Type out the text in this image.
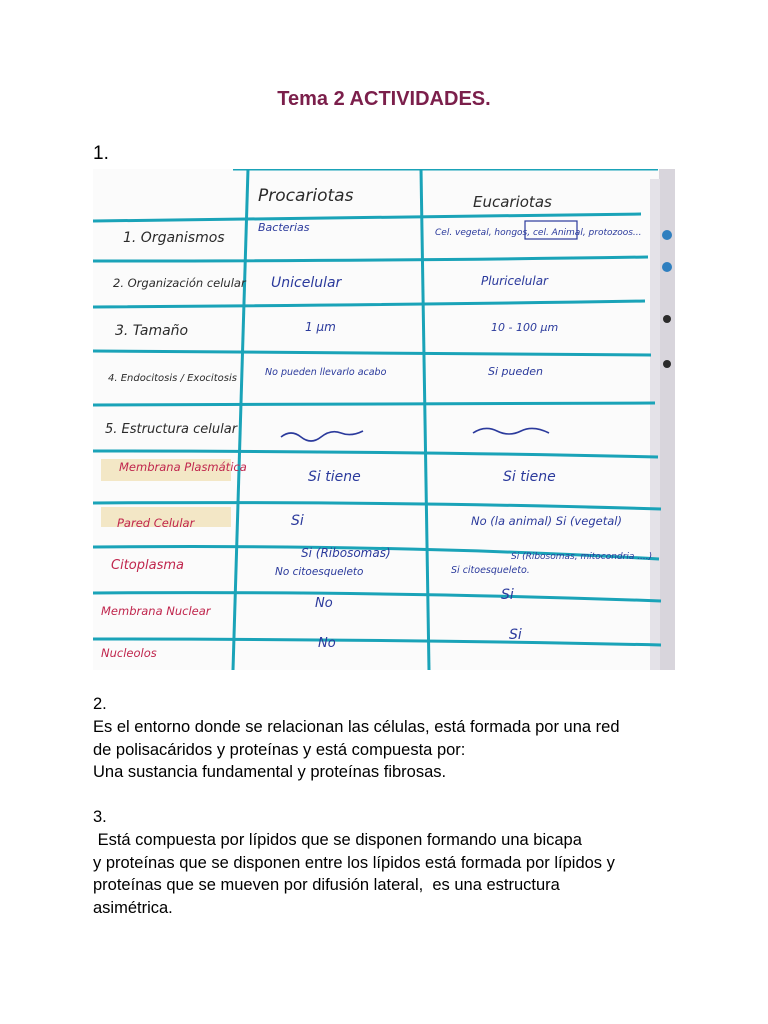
Tema 2 ACTIVIDADES.
1.
Procariotas	Eucariotas
1. Organismos
2. Organización celular
3. Tamaño
4. Endocitosis / Exocitosis
5. Estructura celular
Membrana Plasmática
Pared Celular
Citoplasma
Membrana Nuclear
Nucleolos
Bacterias
Unicelular
1 µm
No pueden llevarlo acabo
Si tiene
Si
Si (Ribosomas)
No citoesqueleto
No
No
Cel. vegetal, hongos, cel. Animal, protozoos...
Pluricelular
10 - 100 µm
Si pueden
Si tiene
No (la animal) Si (vegetal)
Si (Ribosomas, mitocondria ....)
Si citoesqueleto.
Si
Si

2.

Es el entorno donde se relacionan las células, está formada por una red

de polisacáridos y proteínas y está compuesta por:

Una sustancia fundamental y proteínas fibrosas.

3.

Está compuesta por lípidos que se disponen formando una bicapa

y proteínas que se disponen entre los lípidos está formada por lípidos y

proteínas que se mueven por difusión lateral,  es una estructura

asimétrica.
